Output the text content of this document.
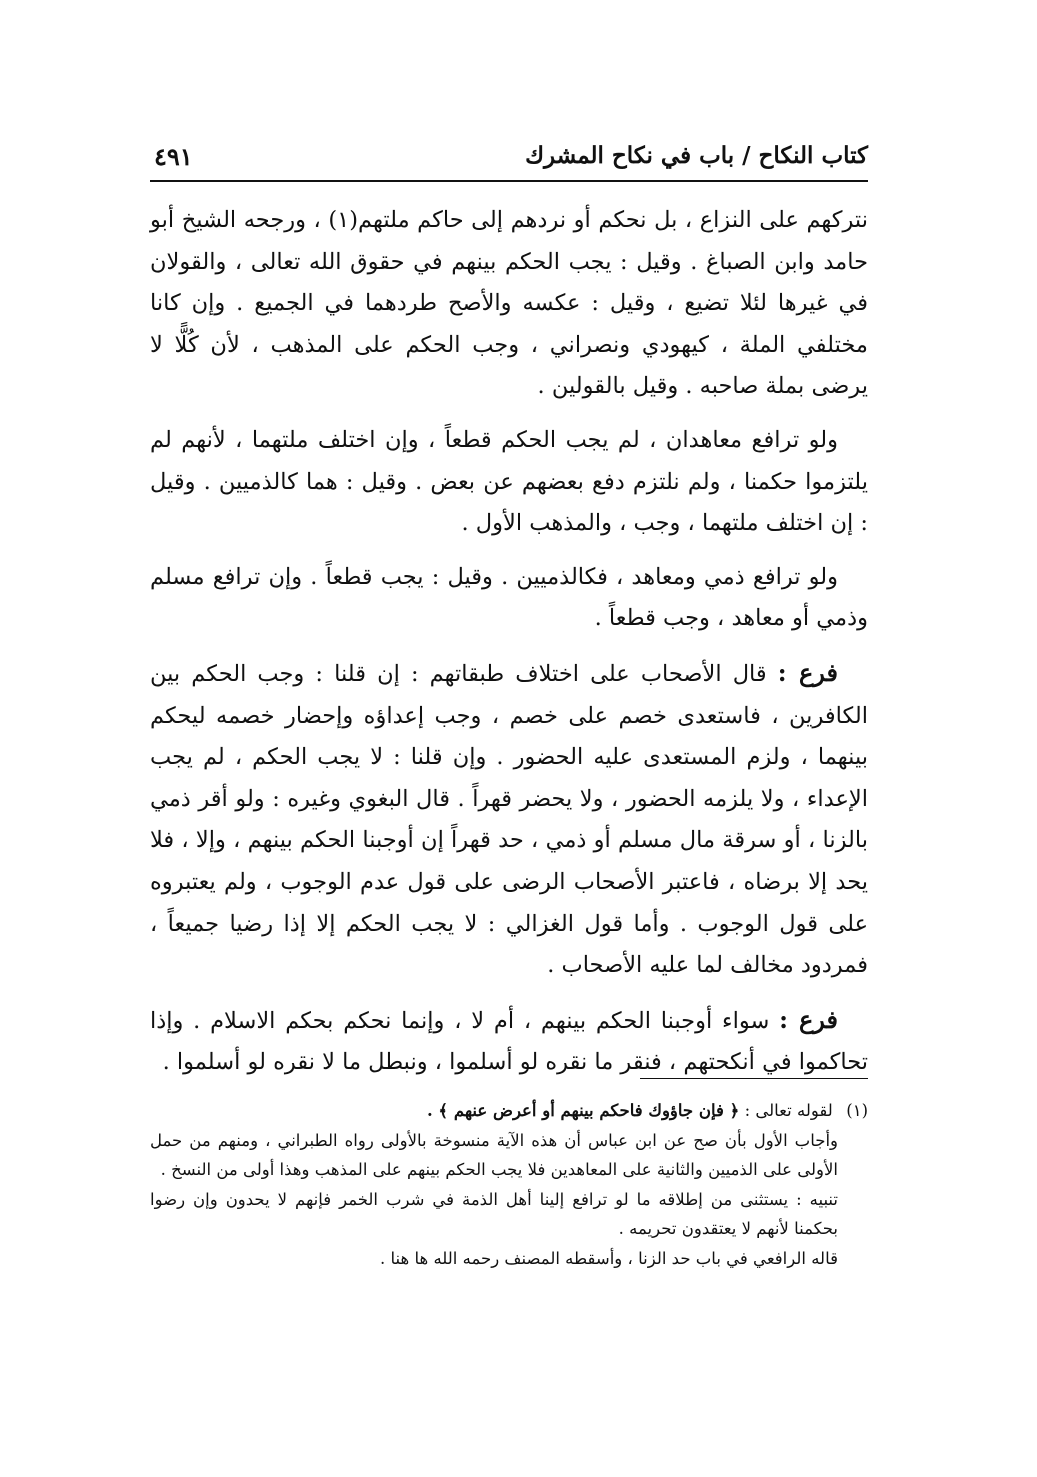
كتاب النكاح / باب في نكاح المشرك
٤٩١

نتركهم على النزاع ، بل نحكم أو نردهم إلى حاكم ملتهم(١) ، ورجحه الشيخ أبو حامد وابن الصباغ . وقيل : يجب الحكم بينهم في حقوق الله تعالى ، والقولان في غيرها لئلا تضيع ، وقيل : عكسه والأصح طردهما في الجميع . وإن كانا مختلفي الملة ، كيهودي ونصراني ، وجب الحكم على المذهب ، لأن كُلًّا لا يرضى بملة صاحبه . وقيل بالقولين .

ولو ترافع معاهدان ، لم يجب الحكم قطعاً ، وإن اختلف ملتهما ، لأنهم لم يلتزموا حكمنا ، ولم نلتزم دفع بعضهم عن بعض . وقيل : هما كالذميين . وقيل : إن اختلف ملتهما ، وجب ، والمذهب الأول .

ولو ترافع ذمي ومعاهد ، فكالذميين . وقيل : يجب قطعاً . وإن ترافع مسلم وذمي أو معاهد ، وجب قطعاً .

فرع : قال الأصحاب على اختلاف طبقاتهم : إن قلنا : وجب الحكم بين الكافرين ، فاستعدى خصم على خصم ، وجب إعداؤه وإحضار خصمه ليحكم بينهما ، ولزم المستعدى عليه الحضور . وإن قلنا : لا يجب الحكم ، لم يجب الإعداء ، ولا يلزمه الحضور ، ولا يحضر قهراً . قال البغوي وغيره : ولو أقر ذمي بالزنا ، أو سرقة مال مسلم أو ذمي ، حد قهراً إن أوجبنا الحكم بينهم ، وإلا ، فلا يحد إلا برضاه ، فاعتبر الأصحاب الرضى على قول عدم الوجوب ، ولم يعتبروه على قول الوجوب . وأما قول الغزالي : لا يجب الحكم إلا إذا رضيا جميعاً ، فمردود مخالف لما عليه الأصحاب .

فرع : سواء أوجبنا الحكم بينهم ، أم لا ، وإنما نحكم بحكم الاسلام . وإذا تحاكموا في أنكحتهم ، فنقر ما نقره لو أسلموا ، ونبطل ما لا نقره لو أسلموا .

(١) لقوله تعالى : ﴿ فإن جاؤوك فاحكم بينهم أو أعرض عنهم ﴾ .

وأجاب الأول بأن صح عن ابن عباس أن هذه الآية منسوخة بالأولى رواه الطبراني ، ومنهم من حمل الأولى على الذميين والثانية على المعاهدين فلا يجب الحكم بينهم على المذهب وهذا أولى من النسخ .

تنبيه : يستثنى من إطلاقه ما لو ترافع إلينا أهل الذمة في شرب الخمر فإنهم لا يحدون وإن رضوا بحكمنا لأنهم لا يعتقدون تحريمه .

قاله الرافعي في باب حد الزنا ، وأسقطه المصنف رحمه الله ها هنا .
